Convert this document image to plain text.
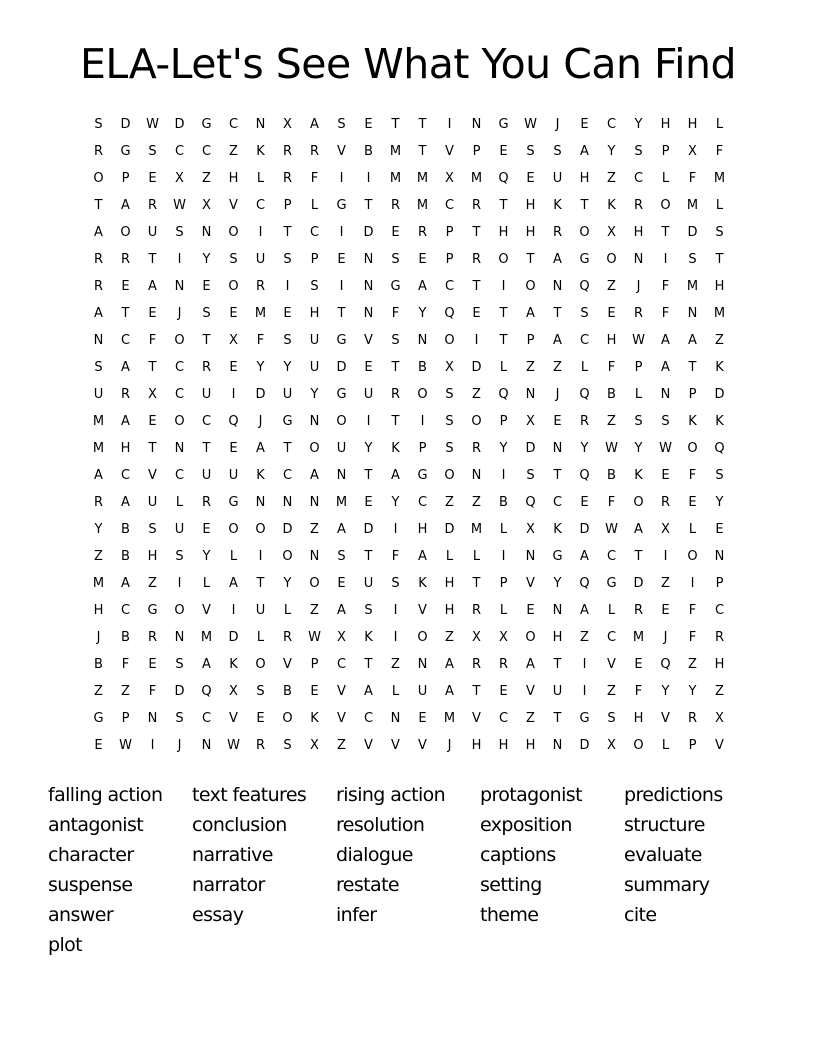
ELA-Let's See What You Can Find
S	D	W	D	G	C	N	X	A	S	E	T	T	I	N	G	W	J	E	C	Y	H	H	L
R	G	S	C	C	Z	K	R	R	V	B	M	T	V	P	E	S	S	A	Y	S	P	X	F
O	P	E	X	Z	H	L	R	F	I	I	M	M	X	M	Q	E	U	H	Z	C	L	F	M
T	A	R	W	X	V	C	P	L	G	T	R	M	C	R	T	H	K	T	K	R	O	M	L
A	O	U	S	N	O	I	T	C	I	D	E	R	P	T	H	H	R	O	X	H	T	D	S
R	R	T	I	Y	S	U	S	P	E	N	S	E	P	R	O	T	A	G	O	N	I	S	T
R	E	A	N	E	O	R	I	S	I	N	G	A	C	T	I	O	N	Q	Z	J	F	M	H
A	T	E	J	S	E	M	E	H	T	N	F	Y	Q	E	T	A	T	S	E	R	F	N	M
N	C	F	O	T	X	F	S	U	G	V	S	N	O	I	T	P	A	C	H	W	A	A	Z
S	A	T	C	R	E	Y	Y	U	D	E	T	B	X	D	L	Z	Z	L	F	P	A	T	K
U	R	X	C	U	I	D	U	Y	G	U	R	O	S	Z	Q	N	J	Q	B	L	N	P	D
M	A	E	O	C	Q	J	G	N	O	I	T	I	S	O	P	X	E	R	Z	S	S	K	K
M	H	T	N	T	E	A	T	O	U	Y	K	P	S	R	Y	D	N	Y	W	Y	W	O	Q
A	C	V	C	U	U	K	C	A	N	T	A	G	O	N	I	S	T	Q	B	K	E	F	S
R	A	U	L	R	G	N	N	N	M	E	Y	C	Z	Z	B	Q	C	E	F	O	R	E	Y
Y	B	S	U	E	O	O	D	Z	A	D	I	H	D	M	L	X	K	D	W	A	X	L	E
Z	B	H	S	Y	L	I	O	N	S	T	F	A	L	L	I	N	G	A	C	T	I	O	N
M	A	Z	I	L	A	T	Y	O	E	U	S	K	H	T	P	V	Y	Q	G	D	Z	I	P
H	C	G	O	V	I	U	L	Z	A	S	I	V	H	R	L	E	N	A	L	R	E	F	C
J	B	R	N	M	D	L	R	W	X	K	I	O	Z	X	X	O	H	Z	C	M	J	F	R
B	F	E	S	A	K	O	V	P	C	T	Z	N	A	R	R	A	T	I	V	E	Q	Z	H
Z	Z	F	D	Q	X	S	B	E	V	A	L	U	A	T	E	V	U	I	Z	F	Y	Y	Z
G	P	N	S	C	V	E	O	K	V	C	N	E	M	V	C	Z	T	G	S	H	V	R	X
E	W	I	J	N	W	R	S	X	Z	V	V	V	J	H	H	H	N	D	X	O	L	P	V
falling action	text features	rising action	protagonist	predictions
antagonist	conclusion	resolution	exposition	structure
character	narrative	dialogue	captions	evaluate
suspense	narrator	restate	setting	summary
answer	essay	infer	theme	cite
plot
